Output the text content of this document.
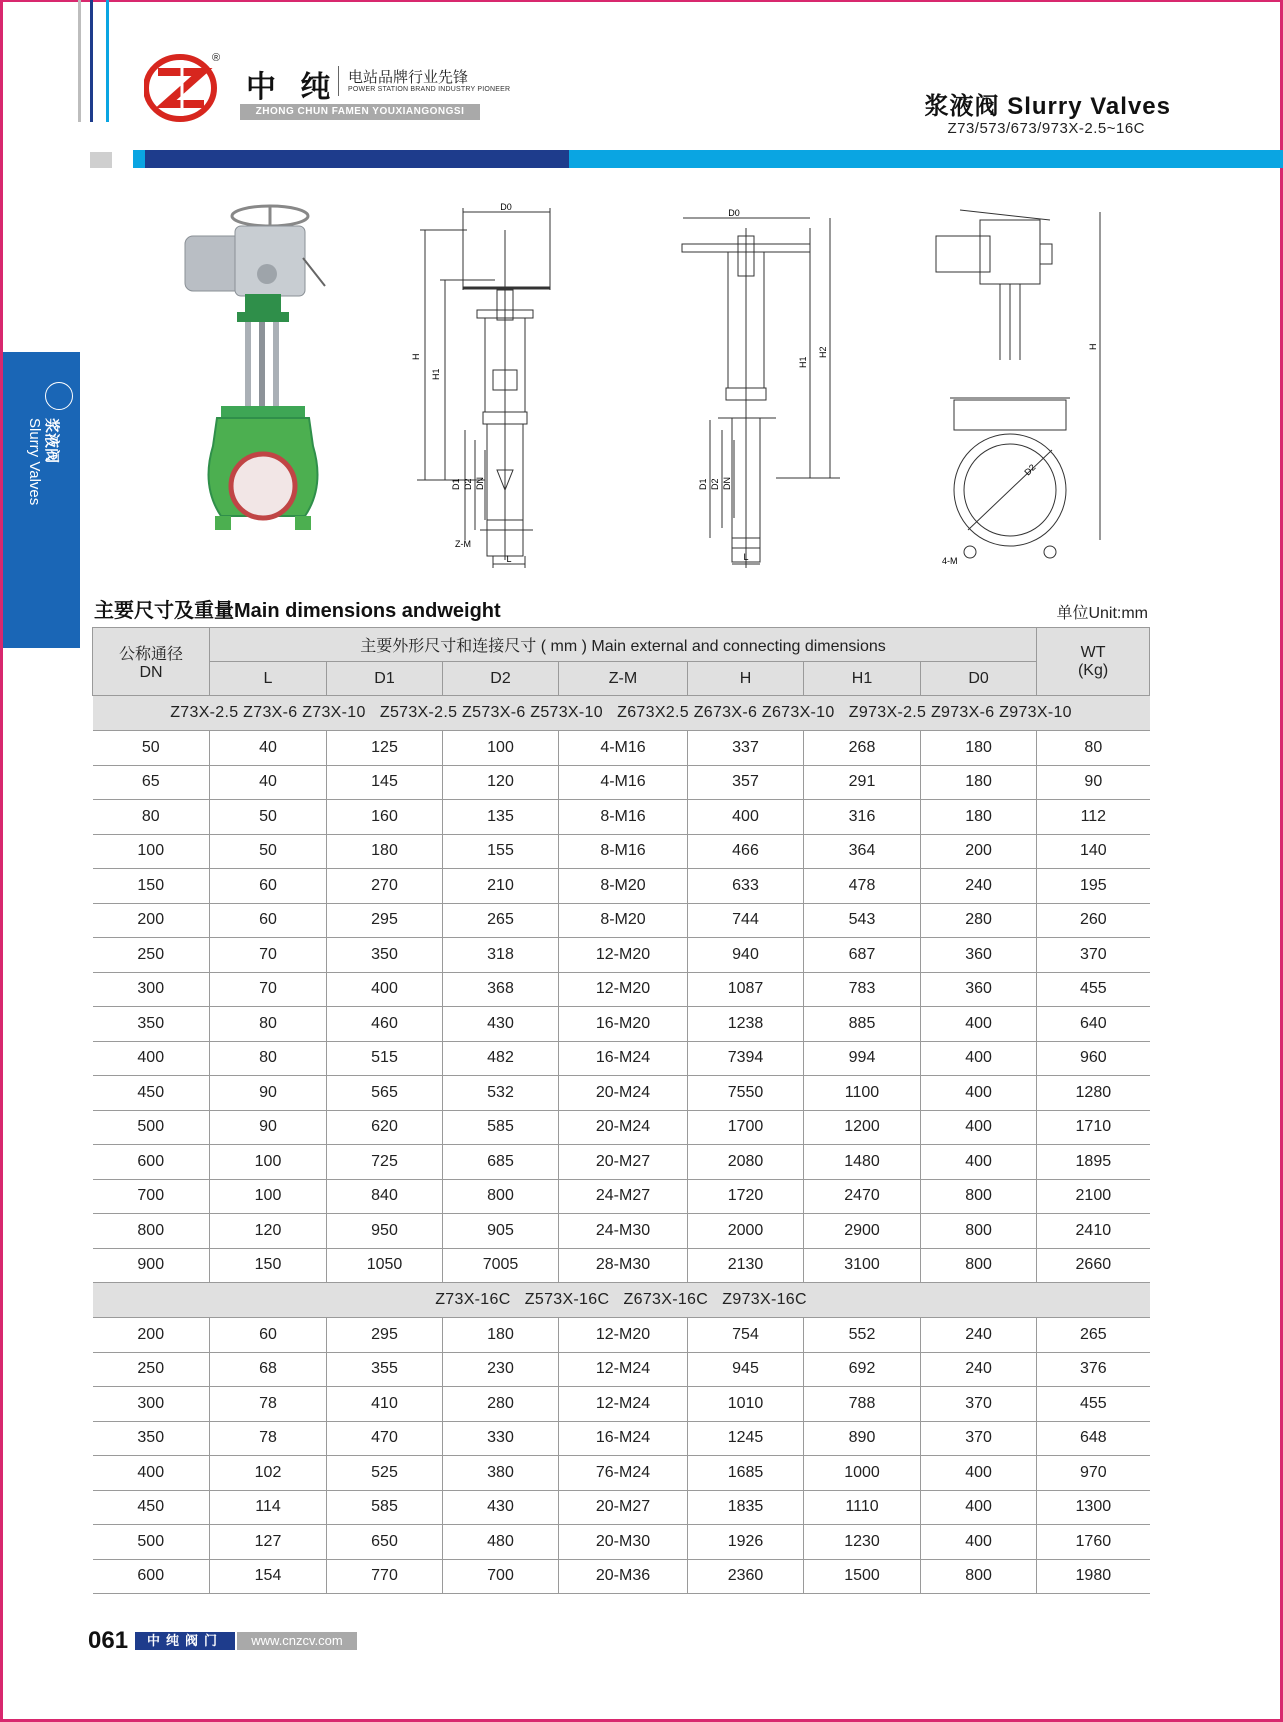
®
中 纯 电站品牌行业先锋
POWER STATION BRAND INDUSTRY PIONEER
ZHONG CHUN FAMEN YOUXIANGONGSI	浆液阀 Slurry Valves
Z73/573/673/973X-2.5~16C
浆液阀
Slurry Valves
D0
H
H1
D1 D2 DN
Z-M
L
D0
H1
H2
D1 D2 DN
L
H
D2
4-M
主要尺寸及重量Main dimensions andweight	单位Unit:mm
公称通径
DN	主要外形尺寸和连接尺寸 ( mm ) Main external and connecting dimensions							WT
(Kg)
	L	D1	D2	Z-M	H	H1	D0	
Z73X-2.5 Z73X-6 Z73X-10   Z573X-2.5 Z573X-6 Z573X-10   Z673X2.5 Z673X-6 Z673X-10   Z973X-2.5 Z973X-6 Z973X-10								
50	40	125	100	4-M16	337	268	180	80
65	40	145	120	4-M16	357	291	180	90
80	50	160	135	8-M16	400	316	180	112
100	50	180	155	8-M16	466	364	200	140
150	60	270	210	8-M20	633	478	240	195
200	60	295	265	8-M20	744	543	280	260
250	70	350	318	12-M20	940	687	360	370
300	70	400	368	12-M20	1087	783	360	455
350	80	460	430	16-M20	1238	885	400	640
400	80	515	482	16-M24	7394	994	400	960
450	90	565	532	20-M24	7550	1100	400	1280
500	90	620	585	20-M24	1700	1200	400	1710
600	100	725	685	20-M27	2080	1480	400	1895
700	100	840	800	24-M27	1720	2470	800	2100
800	120	950	905	24-M30	2000	2900	800	2410
900	150	1050	7005	28-M30	2130	3100	800	2660
Z73X-16C   Z573X-16C   Z673X-16C   Z973X-16C								
200	60	295	180	12-M20	754	552	240	265
250	68	355	230	12-M24	945	692	240	376
300	78	410	280	12-M24	1010	788	370	455
350	78	470	330	16-M24	1245	890	370	648
400	102	525	380	76-M24	1685	1000	400	970
450	114	585	430	20-M27	1835	1110	400	1300
500	127	650	480	20-M30	1926	1230	400	1760
600	154	770	700	20-M36	2360	1500	800	1980
061	中纯阀门	www.cnzcv.com
